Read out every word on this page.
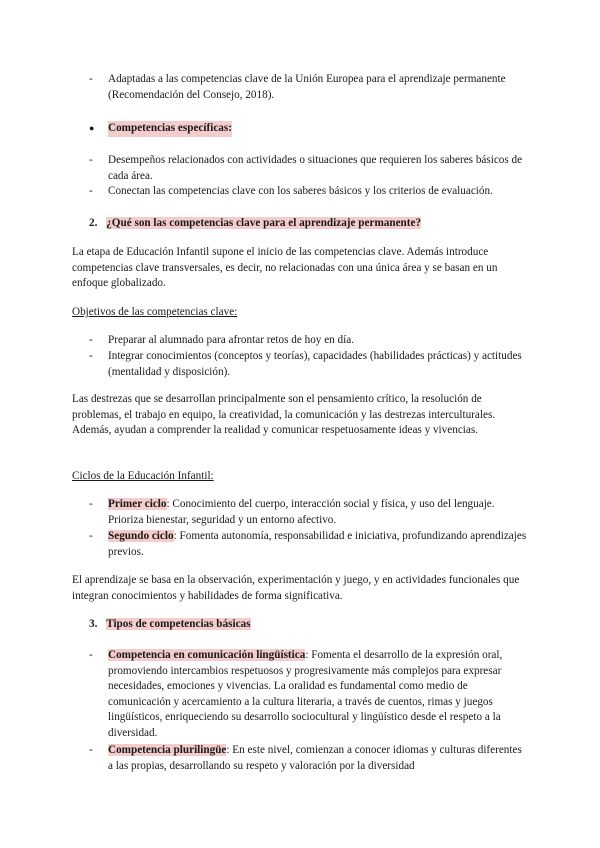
-	Adaptadas a las competencias clave de la Unión Europea para el aprendizaje permanente (Recomendación del Consejo, 2018).
● Competencias específicas:
-	Desempeños relacionados con actividades o situaciones que requieren los saberes básicos de cada área.
-	Conectan las competencias clave con los saberes básicos y los criterios de evaluación.
2. ¿Qué son las competencias clave para el aprendizaje permanente?

La etapa de Educación Infantil supone el inicio de las competencias clave. Además introduce competencias clave transversales, es decir, no relacionadas con una única área y se basan en un enfoque globalizado.

Objetivos de las competencias clave:
-	Preparar al alumnado para afrontar retos de hoy en día.
-	Integrar conocimientos (conceptos y teorías), capacidades (habilidades prácticas) y actitudes (mentalidad y disposición).

Las destrezas que se desarrollan principalmente son el pensamiento crítico, la resolución de problemas, el trabajo en equipo, la creatividad, la comunicación y las destrezas interculturales. Además, ayudan a comprender la realidad y comunicar respetuosamente ideas y vivencias.

Ciclos de la Educación Infantil:
-	Primer ciclo: Conocimiento del cuerpo, interacción social y física, y uso del lenguaje. Prioriza bienestar, seguridad y un entorno afectivo.
-	Segundo ciclo: Fomenta autonomía, responsabilidad e iniciativa, profundizando aprendizajes previos.

El aprendizaje se basa en la observación, experimentación y juego, y en actividades funcionales que integran conocimientos y habilidades de forma significativa.

3. Tipos de competencias básicas
-	Competencia en comunicación lingüística: Fomenta el desarrollo de la expresión oral, promoviendo intercambios respetuosos y progresivamente más complejos para expresar necesidades, emociones y vivencias. La oralidad es fundamental como medio de comunicación y acercamiento a la cultura literaria, a través de cuentos, rimas y juegos lingüísticos, enriqueciendo su desarrollo sociocultural y lingüístico desde el respeto a la diversidad.
-	Competencia plurilingüe: En este nivel, comienzan a conocer idiomas y culturas diferentes a las propias, desarrollando su respeto y valoración por la diversidad
